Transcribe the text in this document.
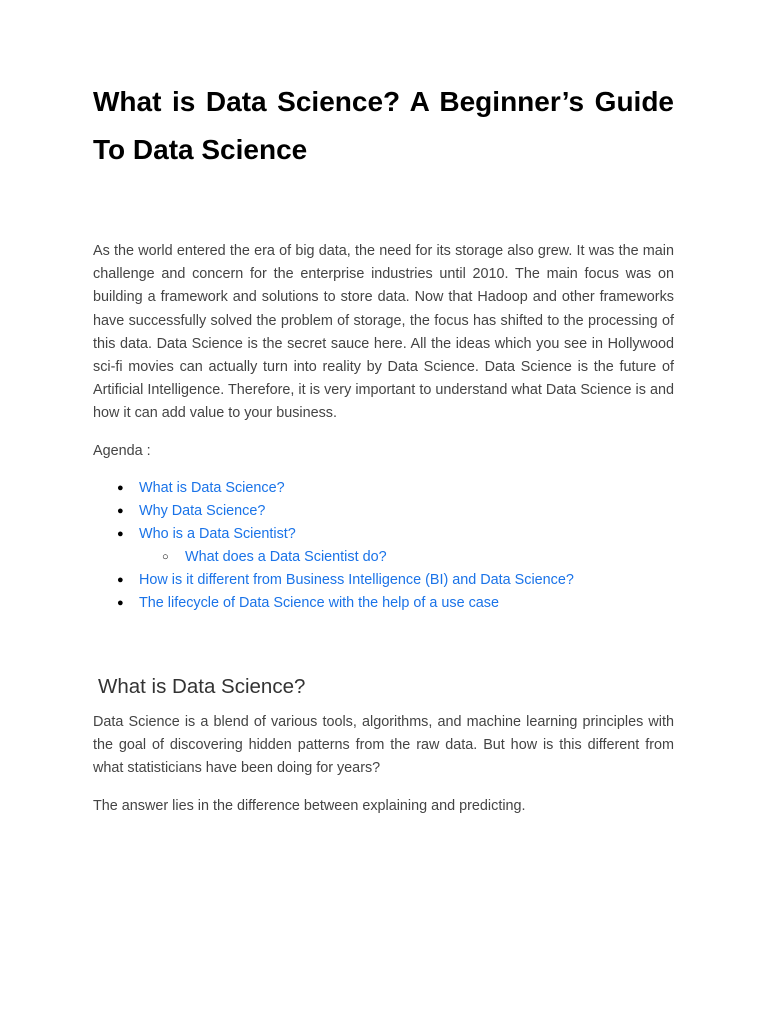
What is Data Science? A Beginner’s Guide To Data Science

As the world entered the era of big data, the need for its storage also grew. It was the main challenge and concern for the enterprise industries until 2010. The main focus was on building a framework and solutions to store data. Now that Hadoop and other frameworks have successfully solved the problem of storage, the focus has shifted to the processing of this data. Data Science is the secret sauce here. All the ideas which you see in Hollywood sci-fi movies can actually turn into reality by Data Science. Data Science is the future of Artificial Intelligence. Therefore, it is very important to understand what Data Science is and how it can add value to your business.

Agenda :

● What is Data Science?
● Why Data Science?
● Who is a Data Scientist?
○ What does a Data Scientist do?
● How is it different from Business Intelligence (BI) and Data Science?
● The lifecycle of Data Science with the help of a use case
What is Data Science?

Data Science is a blend of various tools, algorithms, and machine learning principles with the goal of discovering hidden patterns from the raw data. But how is this different from what statisticians have been doing for years?

The answer lies in the difference between explaining and predicting.
